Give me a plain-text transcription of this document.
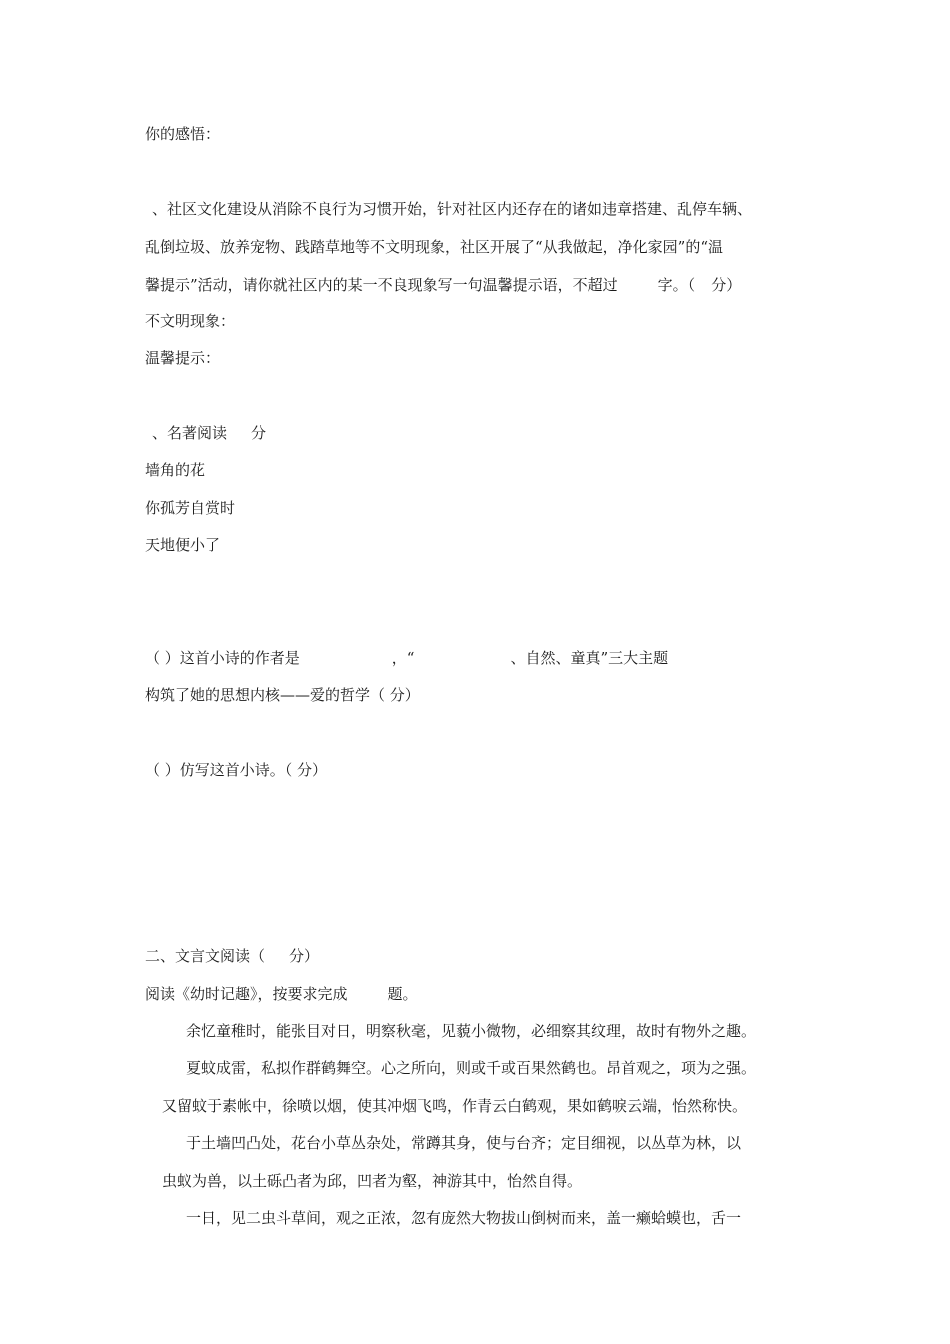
你的感悟：
、社区文化建设从消除不良行为习惯开始，针对社区内还存在的诸如违章搭建、乱停车辆、
乱倒垃圾、放养宠物、践踏草地等不文明现象，社区开展了“从我做起，净化家园”的“温
馨提示”活动，请你就社区内的某一不良现象写一句温馨提示语，不超过	字。（ 分）
不文明现象：
温馨提示：
、名著阅读 分
墙角的花
你孤芳自赏时
天地便小了
（ ）这首小诗的作者是	，“	、自然、童真”三大主题
构筑了她的思想内核——爱的哲学（ 分）
（ ）仿写这首小诗。（ 分）
二、文言文阅读（ 分）
阅读《幼时记趣》，按要求完成	题。
余忆童稚时，能张目对日，明察秋毫，见藐小微物，必细察其纹理，故时有物外之趣。
夏蚊成雷，私拟作群鹤舞空。心之所向，则或千或百果然鹤也。昂首观之，项为之强。
又留蚊于素帐中，徐喷以烟，使其冲烟飞鸣，作青云白鹤观，果如鹤唳云端，怡然称快。
于土墙凹凸处，花台小草丛杂处，常蹲其身，使与台齐；定目细视，以丛草为林，以
虫蚁为兽，以土砾凸者为邱，凹者为壑，神游其中，怡然自得。
一日，见二虫斗草间，观之正浓，忽有庞然大物拔山倒树而来，盖一癞蛤蟆也，舌一
